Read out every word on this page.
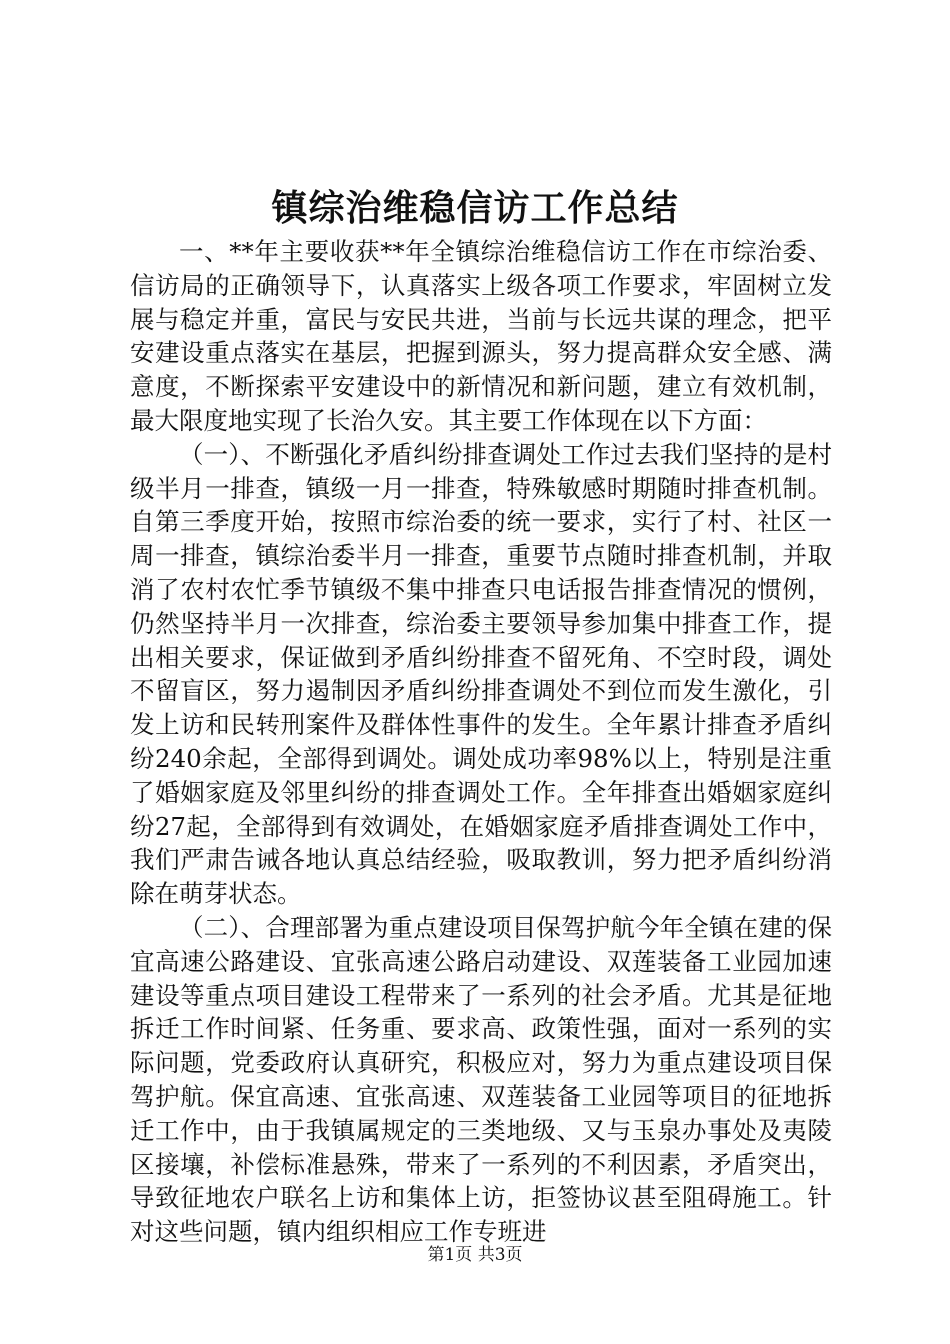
镇综治维稳信访工作总结

一、**年主要收获**年全镇综治维稳信访工作在市综治委、信访局的正确领导下，认真落实上级各项工作要求，牢固树立发展与稳定并重，富民与安民共进，当前与长远共谋的理念，把平安建设重点落实在基层，把握到源头，努力提高群众安全感、满意度，不断探索平安建设中的新情况和新问题，建立有效机制，最大限度地实现了长治久安。其主要工作体现在以下方面：

（一）、不断强化矛盾纠纷排查调处工作过去我们坚持的是村级半月一排查，镇级一月一排查，特殊敏感时期随时排查机制。自第三季度开始，按照市综治委的统一要求，实行了村、社区一周一排查，镇综治委半月一排查，重要节点随时排查机制，并取消了农村农忙季节镇级不集中排查只电话报告排查情况的惯例，仍然坚持半月一次排查，综治委主要领导参加集中排查工作，提出相关要求，保证做到矛盾纠纷排查不留死角、不空时段，调处不留盲区，努力遏制因矛盾纠纷排查调处不到位而发生激化，引发上访和民转刑案件及群体性事件的发生。全年累计排查矛盾纠纷240余起，全部得到调处。调处成功率98%以上，特别是注重了婚姻家庭及邻里纠纷的排查调处工作。全年排查出婚姻家庭纠纷27起，全部得到有效调处，在婚姻家庭矛盾排查调处工作中，我们严肃告诫各地认真总结经验，吸取教训，努力把矛盾纠纷消除在萌芽状态。

（二）、合理部署为重点建设项目保驾护航今年全镇在建的保宜高速公路建设、宜张高速公路启动建设、双莲装备工业园加速建设等重点项目建设工程带来了一系列的社会矛盾。尤其是征地拆迁工作时间紧、任务重、要求高、政策性强，面对一系列的实际问题，党委政府认真研究，积极应对，努力为重点建设项目保驾护航。保宜高速、宜张高速、双莲装备工业园等项目的征地拆迁工作中，由于我镇属规定的三类地级、又与玉泉办事处及夷陵区接壤，补偿标准悬殊，带来了一系列的不利因素，矛盾突出，导致征地农户联名上访和集体上访，拒签协议甚至阻碍施工。针对这些问题，镇内组织相应工作专班进

第1页 共3页
